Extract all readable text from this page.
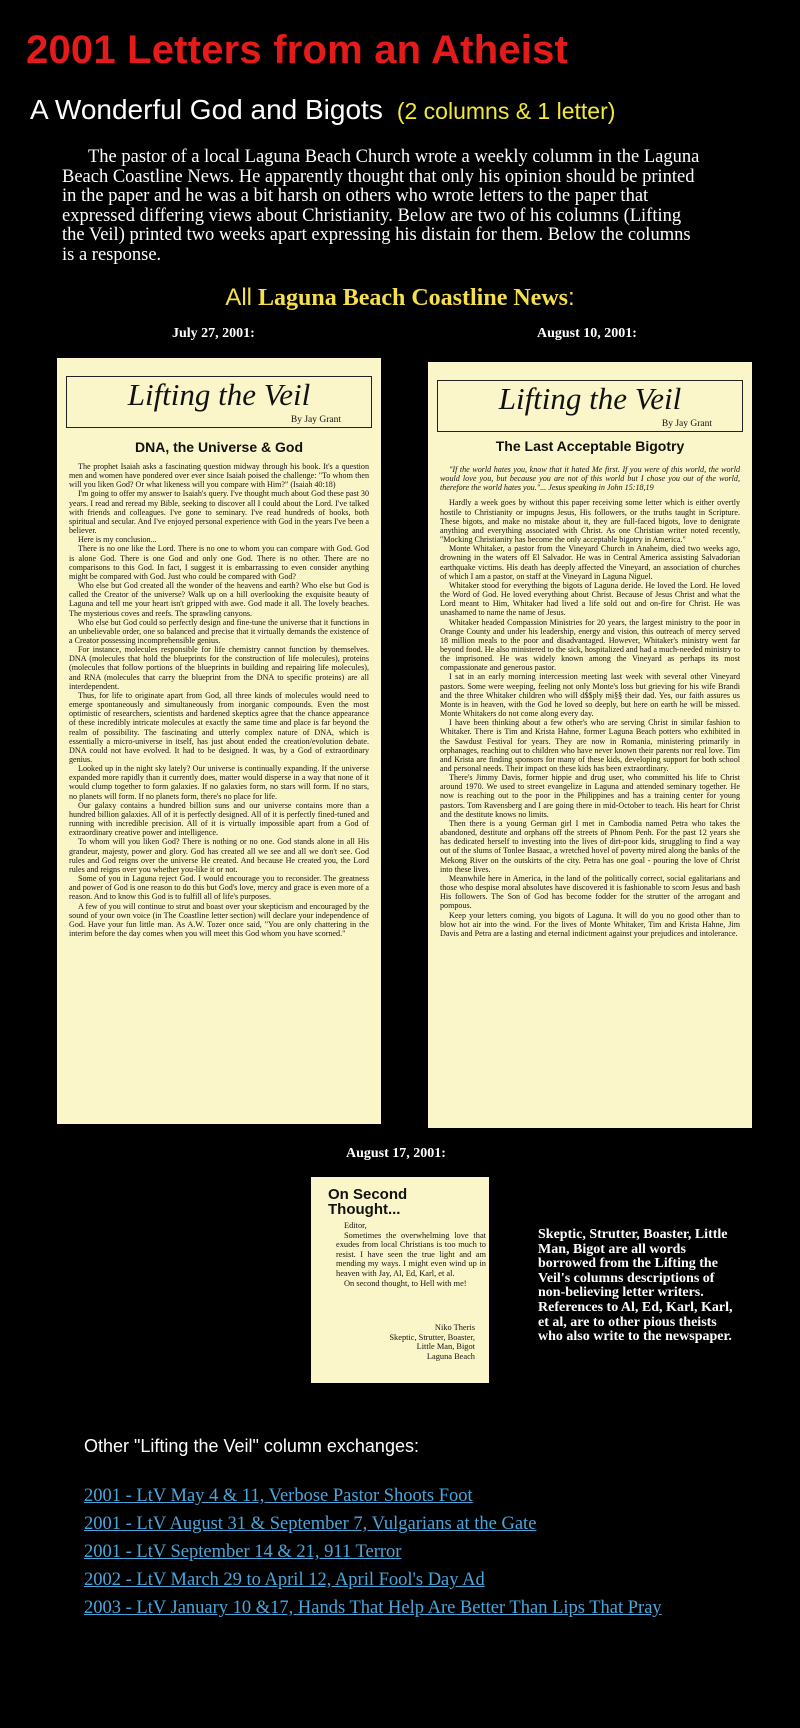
2001 Letters from an Atheist
A Wonderful God and Bigots (2 columns & 1 letter)
The pastor of a local Laguna Beach Church wrote a weekly columm in the Laguna Beach Coastline News. He apparently thought that only his opinion should be printed in the paper and he was a bit harsh on others who wrote letters to the paper that expressed differing views about Christianity. Below are two of his columns (Lifting the Veil) printed two weeks apart expressing his distain for them. Below the columns is a response.
All Laguna Beach Coastline News:
July 27, 2001:
Lifting the Veil
By Jay Grant
DNA, the Universe & God

The prophet Isaiah asks a fascinating question midway through his book. It's a question men and women have pondered over ever since Isaiah poised the challenge: "To whom then will you liken God? Or what likeness will you compare with Him?" (Isaiah 40:18)

I'm going to offer my answer to Isaiah's query. I've thought much about God these past 30 years. I read and reread my Bible, seeking to discover all I could about the Lord. I've talked with friends and colleagues. I've gone to seminary. I've read hundreds of books, both spiritual and secular. And I've enjoyed personal experience with God in the years I've been a believer.

Here is my conclusion...

There is no one like the Lord. There is no one to whom you can compare with God. God is alone God. There is one God and only one God. There is no other. There are no comparisons to this God. In fact, I suggest it is embarrassing to even consider anything might be compared with God. Just who could be compared with God?

Who else but God created all the wonder of the heavens and earth? Who else but God is called the Creator of the universe? Walk up on a hill overlooking the exquisite beauty of Laguna and tell me your heart isn't gripped with awe. God made it all. The lovely beaches. The mysterious coves and reefs. The sprawling canyons.

Who else but God could so perfectly design and fine-tune the universe that it functions in an unbelievable order, one so balanced and precise that it virtually demands the existence of a Creator possessing incomprehensible genius.

For instance, molecules responsible for life chemistry cannot function by themselves. DNA (molecules that hold the blueprints for the construction of life molecules), proteins (molecules that follow portions of the blueprints in building and repairing life molecules), and RNA (molecules that carry the blueprint from the DNA to specific proteins) are all interdependent.

Thus, for life to originate apart from God, all three kinds of molecules would need to emerge spontaneously and simultaneously from inorganic compounds. Even the most optimistic of researchers, scientists and hardened skeptics agree that the chance appearance of these incredibly intricate molecules at exactly the same time and place is far beyond the realm of possibility. The fascinating and utterly complex nature of DNA, which is essentially a micro-universe in itself, has just about ended the creation/evolution debate. DNA could not have evolved. It had to be designed. It was, by a God of extraordinary genius.

Looked up in the night sky lately? Our universe is continually expanding. If the universe expanded more rapidly than it currently does, matter would disperse in a way that none of it would clump together to form galaxies. If no galaxies form, no stars will form. If no stars, no planets will form. If no planets form, there's no place for life.

Our galaxy contains a hundred billion suns and our universe contains more than a hundred billion galaxies. All of it is perfectly designed. All of it is perfectly fined-tuned and running with incredible precision. All of it is virtually impossible apart from a God of extraordinary creative power and intelligence.

To whom will you liken God? There is nothing or no one. God stands alone in all His grandeur, majesty, power and glory. God has created all we see and all we don't see. God rules and God reigns over the universe He created. And because He created you, the Lord rules and reigns over you whether you-like it or not.

Some of you in Laguna reject God. I would encourage you to reconsider. The greatness and power of God is one reason to do this but God's love, mercy and grace is even more of a reason. And to know this God is to fulfill all of life's purposes.

A few of you will continue to strut and boast over your skepticism and encouraged by the sound of your own voice (in The Coastline letter section) will declare your independence of God. Have your fun little man. As A.W. Tozer once said, "You are only chattering in the interim before the day comes when you will meet this God whom you have scorned."

August 10, 2001:
Lifting the Veil
By Jay Grant
The Last Acceptable Bigotry

"If the world hates you, know that it hated Me first. If you were of this world, the world would love you, but because you are not of this world but I chose you out of the world, therefore the world hates you."... Jesus speaking in John 15:18,19

Hardly a week goes by without this paper receiving some letter which is either overtly hostile to Christianity or impugns Jesus, His followers, or the truths taught in Scripture. These bigots, and make no mistake about it, they are full-faced bigots, love to denigrate anything and everything associated with Christ. As one Christian writer noted recently, "Mocking Christianity has become the only acceptable bigotry in America."

Monte Whitaker, a pastor from the Vineyard Church in Anaheim, died two weeks ago, drowning in the waters off El Salvador. He was in Central America assisting Salvadorian earthquake victims. His death has deeply affected the Vineyard, an association of churches of which I am a pastor, on staff at the Vineyard in Laguna Niguel.

Whitaker stood for everything the bigots of Laguna deride. He loved the Lord. He loved the Word of God. He loved everything about Christ. Because of Jesus Christ and what the Lord meant to Him, Whitaker had lived a life sold out and on-fire for Christ. He was unashamed to name the name of Jesus.

Whitaker headed Compassion Ministries for 20 years, the largest ministry to the poor in Orange County and under his leadership, energy and vision, this outreach of mercy served 18 million meals to the poor and disadvantaged. However, Whitaker's ministry went far beyond food. He also ministered to the sick, hospitalized and had a much-needed ministry to the imprisoned. He was widely known among the Vineyard as perhaps its most compassionate and generous pastor.

I sat in an early morning intercession meeting last week with several other Vineyard pastors. Some were weeping, feeling not only Monte's loss but grieving for his wife Brandi and the three Whitaker children who will d$$ply mi§§ their dad. Yes, our faith assures us Monte is in heaven, with the God he loved so deeply, but here on earth he will be missed. Monte Whitakers do not come along every day.

I have been thinking about a few other's who are serving Christ in similar fashion to Whitaker. There is Tim and Krista Hahne, former Laguna Beach potters who exhibited in the Sawdust Festival for years. They are now in Romania, ministering primarily in orphanages, reaching out to children who have never known their parents nor real love. Tim and Krista are finding sponsors for many of these kids, developing support for both school and personal needs. Their impact on these kids has been extraordinary.

There's Jimmy Davis, former hippie and drug user, who committed his life to Christ around 1970. We used to street evangelize in Laguna and attended seminary together. He now is reaching out to the poor in the Philippines and has a training center for young pastors. Tom Ravensberg and I are going there in mid-October to teach. His heart for Christ and the destitute knows no limits.

Then there is a young German girl I met in Cambodia named Petra who takes the abandoned, destitute and orphans off the streets of Phnom Penh. For the past 12 years she has dedicated herself to investing into the lives of dirt-poor kids, struggling to find a way out of the slums of Tonlee Basaac, a wretched hovel of poverty mired along the banks of the Mekong River on the outskirts of the city. Petra has one goal - pouring the love of Christ into these lives.

Meanwhile here in America, in the land of the politically correct, social egalitarians and those who despise moral absolutes have discovered it is fashionable to scorn Jesus and bash His followers. The Son of God has become fodder for the strutter of the arrogant and pompous.

Keep your letters coming, you bigots of Laguna. It will do you no good other than to blow hot air into the wind. For the lives of Monte Whitaker, Tim and Krista Hahne, Jim Davis and Petra are a lasting and eternal indictment against your prejudices and intolerance.

August 17, 2001:
On Second Thought...

Editor,

Sometimes the overwhelming love that exudes from local Christians is too much to resist. I have seen the true light and am mending my ways. I might even wind up in heaven with Jay, Al, Ed, Karl, et al.

On second thought, to Hell with me!

Niko Theris
Skeptic, Strutter, Boaster,
Little Man, Bigot
Laguna Beach
Skeptic, Strutter, Boaster, Little Man, Bigot are all words borrowed from the Lifting the Veil's columns descriptions of non-believing letter writers. References to Al, Ed, Karl, Karl, et al, are to other pious theists who also write to the newspaper.
Other "Lifting the Veil" column exchanges:
2001 - LtV May 4 & 11, Verbose Pastor Shoots Foot
2001 - LtV August 31 & September 7, Vulgarians at the Gate
2001 - LtV September 14 & 21, 911 Terror
2002 - LtV March 29 to April 12, April Fool's Day Ad
2003 - LtV January 10 &17, Hands That Help Are Better Than Lips That Pray
